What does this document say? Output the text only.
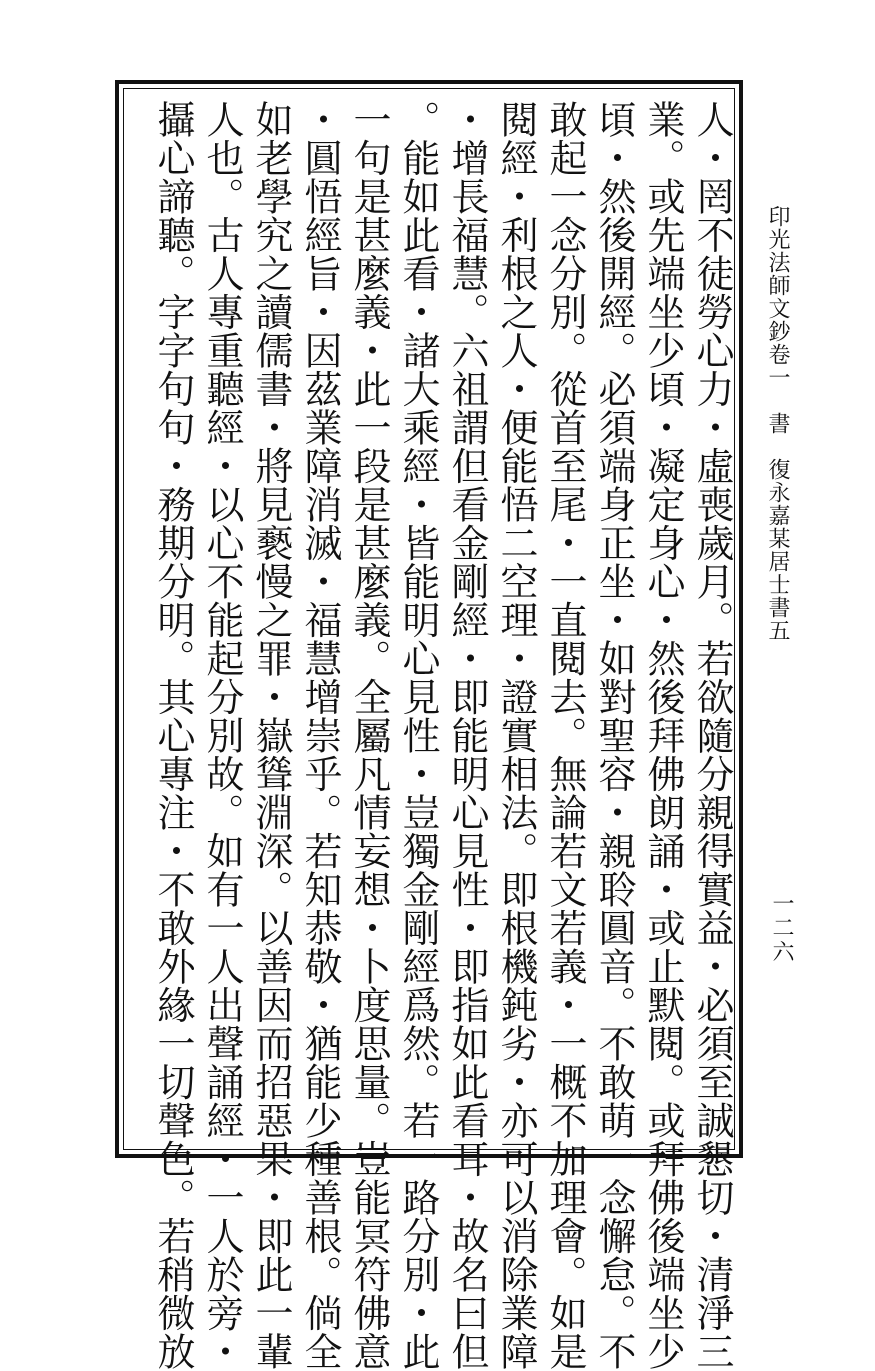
印光法師文鈔卷一　書　復永嘉某居士書五
一二六
人・罔不徒勞心力・虛喪歲月。若欲隨分親得實益・必須至誠懇切・清淨三
業。或先端坐少頃・凝定身心・然後拜佛朗誦・或止默閱。或拜佛後端坐少
頃・然後開經。必須端身正坐・如對聖容・親聆圓音。不敢萌一念懈怠。不
敢起一念分別。從首至尾・一直閱去。無論若文若義・一概不加理會。如是
閱經・利根之人・便能悟二空理・證實相法。即根機鈍劣・亦可以消除業障
・增長福慧。六祖謂但看金剛經・即能明心見性・即指如此看耳・故名曰但
。能如此看・諸大乘經・皆能明心見性・豈獨金剛經爲然。若一路分別・此
一句是甚麼義・此一段是甚麼義。全屬凡情妄想・卜度思量。豈能冥符佛意
・圓悟經旨・因茲業障消滅・福慧增崇乎。若知恭敬・猶能少種善根。倘全
如老學究之讀儒書・將見褻慢之罪・嶽聳淵深。以善因而招惡果・即此一輩
人也。古人專重聽經・以心不能起分別故。如有一人出聲誦經・一人於旁・
攝心諦聽。字字句句・務期分明。其心專注・不敢外緣一切聲色。若稍微放
